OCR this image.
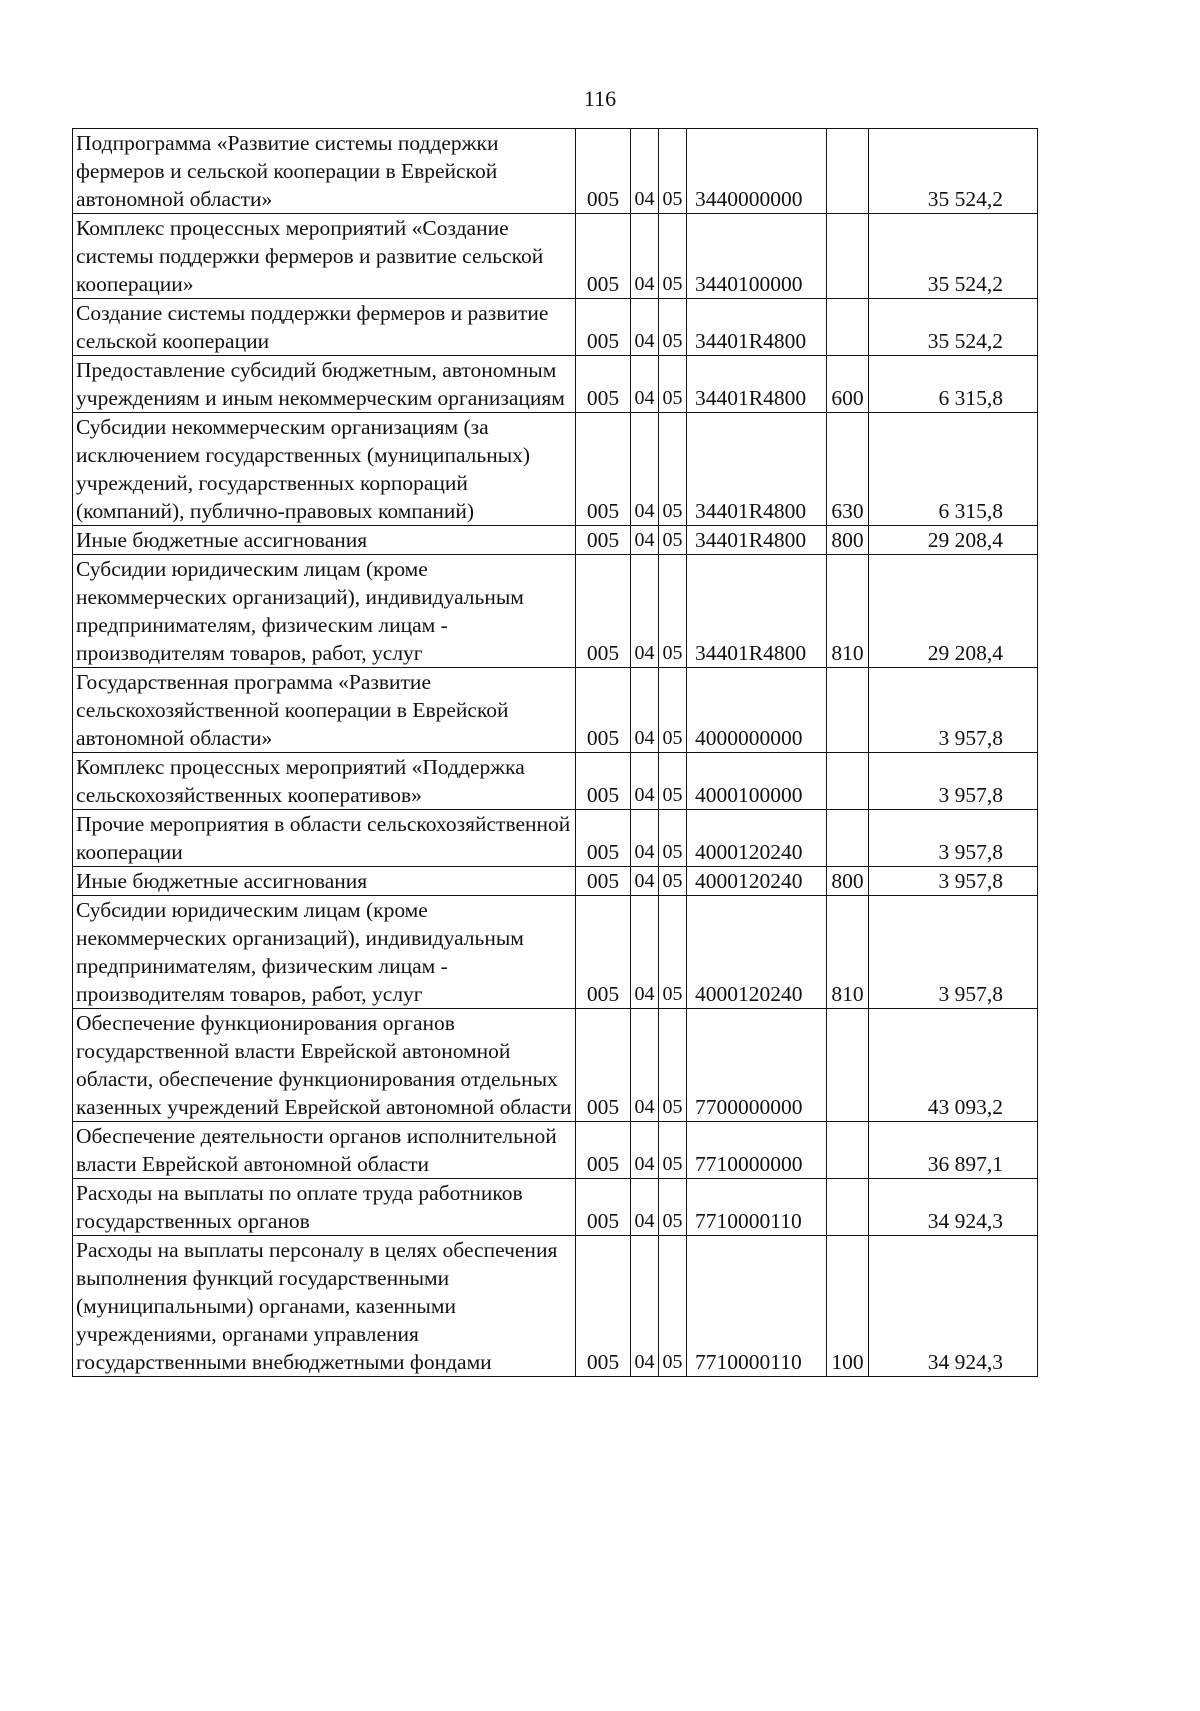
116
Подпрограмма «Развитие системы поддержки фермеров и сельской кооперации в Еврейской автономной области»	005	04	05	3440000000		35 524,2
Комплекс процессных мероприятий «Создание системы поддержки фермеров и развитие сельской кооперации»	005	04	05	3440100000		35 524,2
Создание системы поддержки фермеров и развитие сельской кооперации	005	04	05	34401R4800		35 524,2
Предоставление субсидий бюджетным, автономным учреждениям и иным некоммерческим организациям	005	04	05	34401R4800	600	6 315,8
Субсидии некоммерческим организациям (за исключением государственных (муниципальных) учреждений, государственных корпораций (компаний), публично-правовых компаний)	005	04	05	34401R4800	630	6 315,8
Иные бюджетные ассигнования	005	04	05	34401R4800	800	29 208,4
Субсидии юридическим лицам (кроме некоммерческих организаций), индивидуальным предпринимателям, физическим лицам - производителям товаров, работ, услуг	005	04	05	34401R4800	810	29 208,4
Государственная программа «Развитие сельскохозяйственной кооперации в Еврейской автономной области»	005	04	05	4000000000		3 957,8
Комплекс процессных мероприятий «Поддержка сельскохозяйственных кооперативов»	005	04	05	4000100000		3 957,8
Прочие мероприятия в области сельскохозяйственной кооперации	005	04	05	4000120240		3 957,8
Иные бюджетные ассигнования	005	04	05	4000120240	800	3 957,8
Субсидии юридическим лицам (кроме некоммерческих организаций), индивидуальным предпринимателям, физическим лицам - производителям товаров, работ, услуг	005	04	05	4000120240	810	3 957,8
Обеспечение функционирования органов государственной власти Еврейской автономной области, обеспечение функционирования отдельных казенных учреждений Еврейской автономной области	005	04	05	7700000000		43 093,2
Обеспечение деятельности органов исполнительной власти Еврейской автономной области	005	04	05	7710000000		36 897,1
Расходы на выплаты по оплате труда работников государственных органов	005	04	05	7710000110		34 924,3
Расходы на выплаты персоналу в целях обеспечения выполнения функций государственными (муниципальными) органами, казенными учреждениями, органами управления государственными внебюджетными фондами	005	04	05	7710000110	100	34 924,3
